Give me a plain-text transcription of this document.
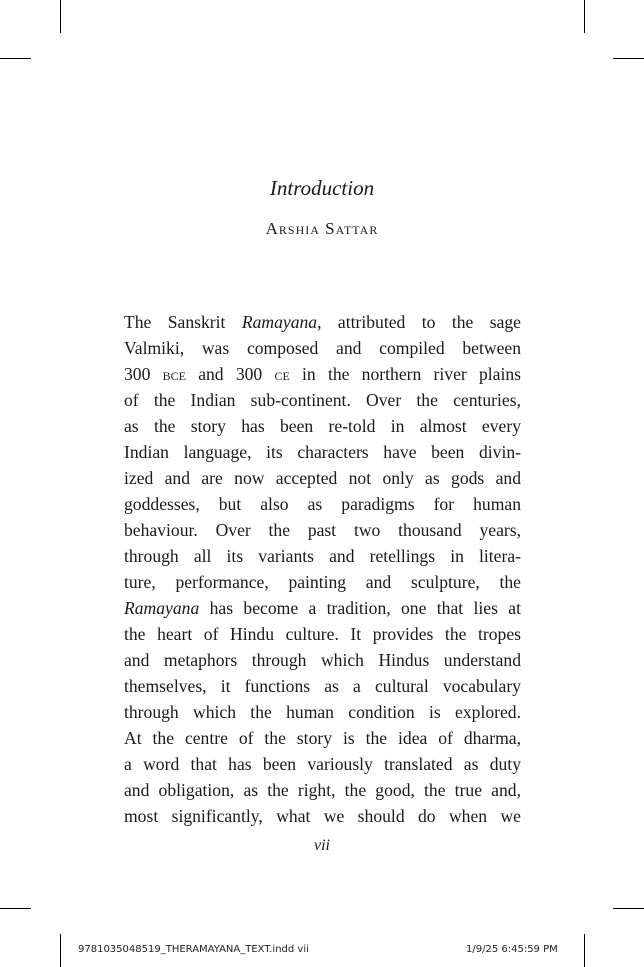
Introduction
Arshia Sattar
The Sanskrit Ramayana, attributed to the sage
Valmiki, was composed and compiled between
300 bce and 300 ce in the northern river plains
of the Indian sub-continent. Over the centuries,
as the story has been re-told in almost every
Indian language, its characters have been divin-
ized and are now accepted not only as gods and
goddesses, but also as paradigms for human
behaviour. Over the past two thousand years,
through all its variants and retellings in litera-
ture, performance, painting and sculpture, the
Ramayana has become a tradition, one that lies at
the heart of Hindu culture. It provides the tropes
and metaphors through which Hindus understand
themselves, it functions as a cultural vocabulary
through which the human condition is explored.
At the centre of the story is the idea of dharma,
a word that has been variously translated as duty
and obligation, as the right, the good, the true and,
most significantly, what we should do when we
vii
9781035048519_THERAMAYANA_TEXT.indd vii	1/9/25 6:45:59 PM
